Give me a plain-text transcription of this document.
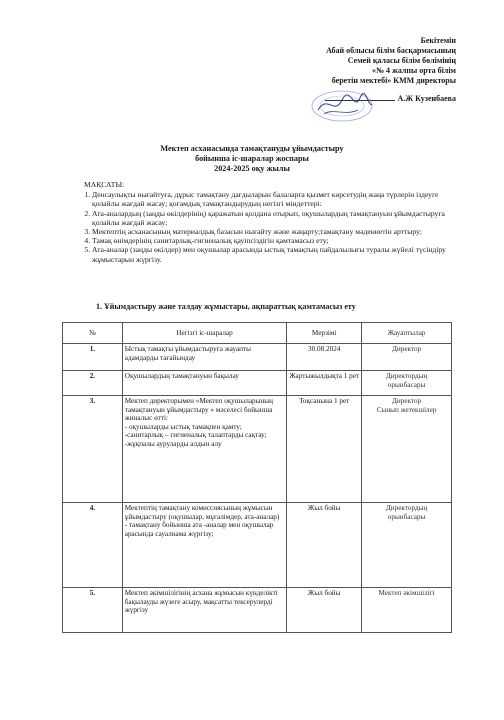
Бекітемін
Абай облысы білім басқармасының
Семей қаласы білім бөлімінің
«№ 4 жалпы орта білім
беретін мектебі» КММ директоры
А.Ж Кузенбаева
Мектеп асханасында тамақтануды ұйымдастыру
бойынша іс-шаралар жоспары
2024-2025 оқу жылы
МАҚСАТЫ:
1. Денсаулықты нығайтуға, дұрыс тамақтану дағдыларын балаларға қызмет көрсетудің жаңа түрлерін іздеуге қолайлы жағдай жасау; қоғамдық тамақтандырудың негізгі міндеттері:
2. Ата-аналардың (заңды өкілдерінің) қаражатын қолдана отырып, оқушылардың тамақтануын ұйымдастыруға қолайлы жағдай жасау;
3. Мектептің асханасының материалдық базасын нығайту және жаңарту;тамақтану мәдениетін арттыру;
4. Тамақ өнімдерінің санитарлық-гигиеналық қауіпсіздігін қамтамасыз ету;
5. Ата-аналар (заңды өкілдер) мен оқушылар арасында ыстық тамақтың пайдалылығы туралы жүйелі түсіндіру жұмыстарын жүргізу.
1. Ұйымдастыру және талдау жұмыстары, ақпараттық қамтамасыз ету
№	Негізгі іс-шаралар	Мерзімі	Жауаптылар
1.	Ыстық тамақты ұйымдастыруға жауапты адамдарды тағайындау	30.08.2024	Директор

2.	Оқушылардың тамақтануын бақылау	Жартыжылдықта 1 рет	Директордың
орынбасары

3.	Мектеп директорымен «Мектеп оқушыларының тамақтануын ұйымдастыру » мәселесі бойынша жиналыс өтті:
- оқушыларды ыстық тамақпен қамту;
-санитарлық – гигиеналық талаптарды сақтау;
-жұқпалы ауруларды алдын алу	Тоқсанына 1 рет	Директор
Сынып жетекшілер

4.	Мектептің тамақтану комиссиясының жұмысын ұйымдастыру (оқушылар, мұғалімдер, ата-аналар)
- тамақтану бойынша ата -аналар мен оқушылар арасында сауалнама жүргізу;	Жыл бойы	Директордың
орынбасары

5.	Мектеп әкімшілігінің асхана жұмысын күнделікті бақылауды жүзеге асыру, мақсатты тексерулерді жүргізу	Жыл бойы	Мектеп әкімшілігі
